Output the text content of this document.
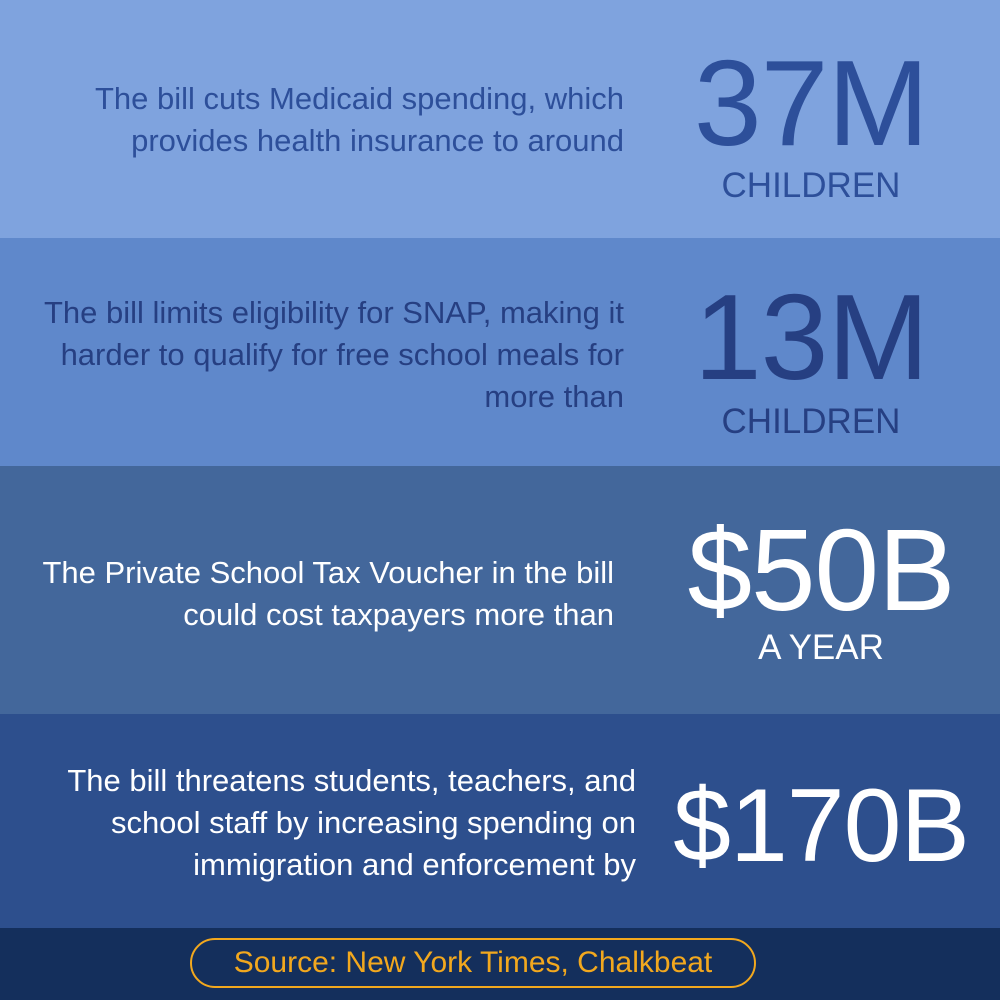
The bill cuts Medicaid spending, which
provides health insurance to around 37M
CHILDREN
The bill limits eligibility for SNAP, making it
harder to qualify for free school meals for
more than 13M
CHILDREN
The Private School Tax Voucher in the bill
could cost taxpayers more than $50B
A YEAR
The bill threatens students, teachers, and
school staff by increasing spending on
immigration and enforcement by $170B
Source: New York Times, Chalkbeat
